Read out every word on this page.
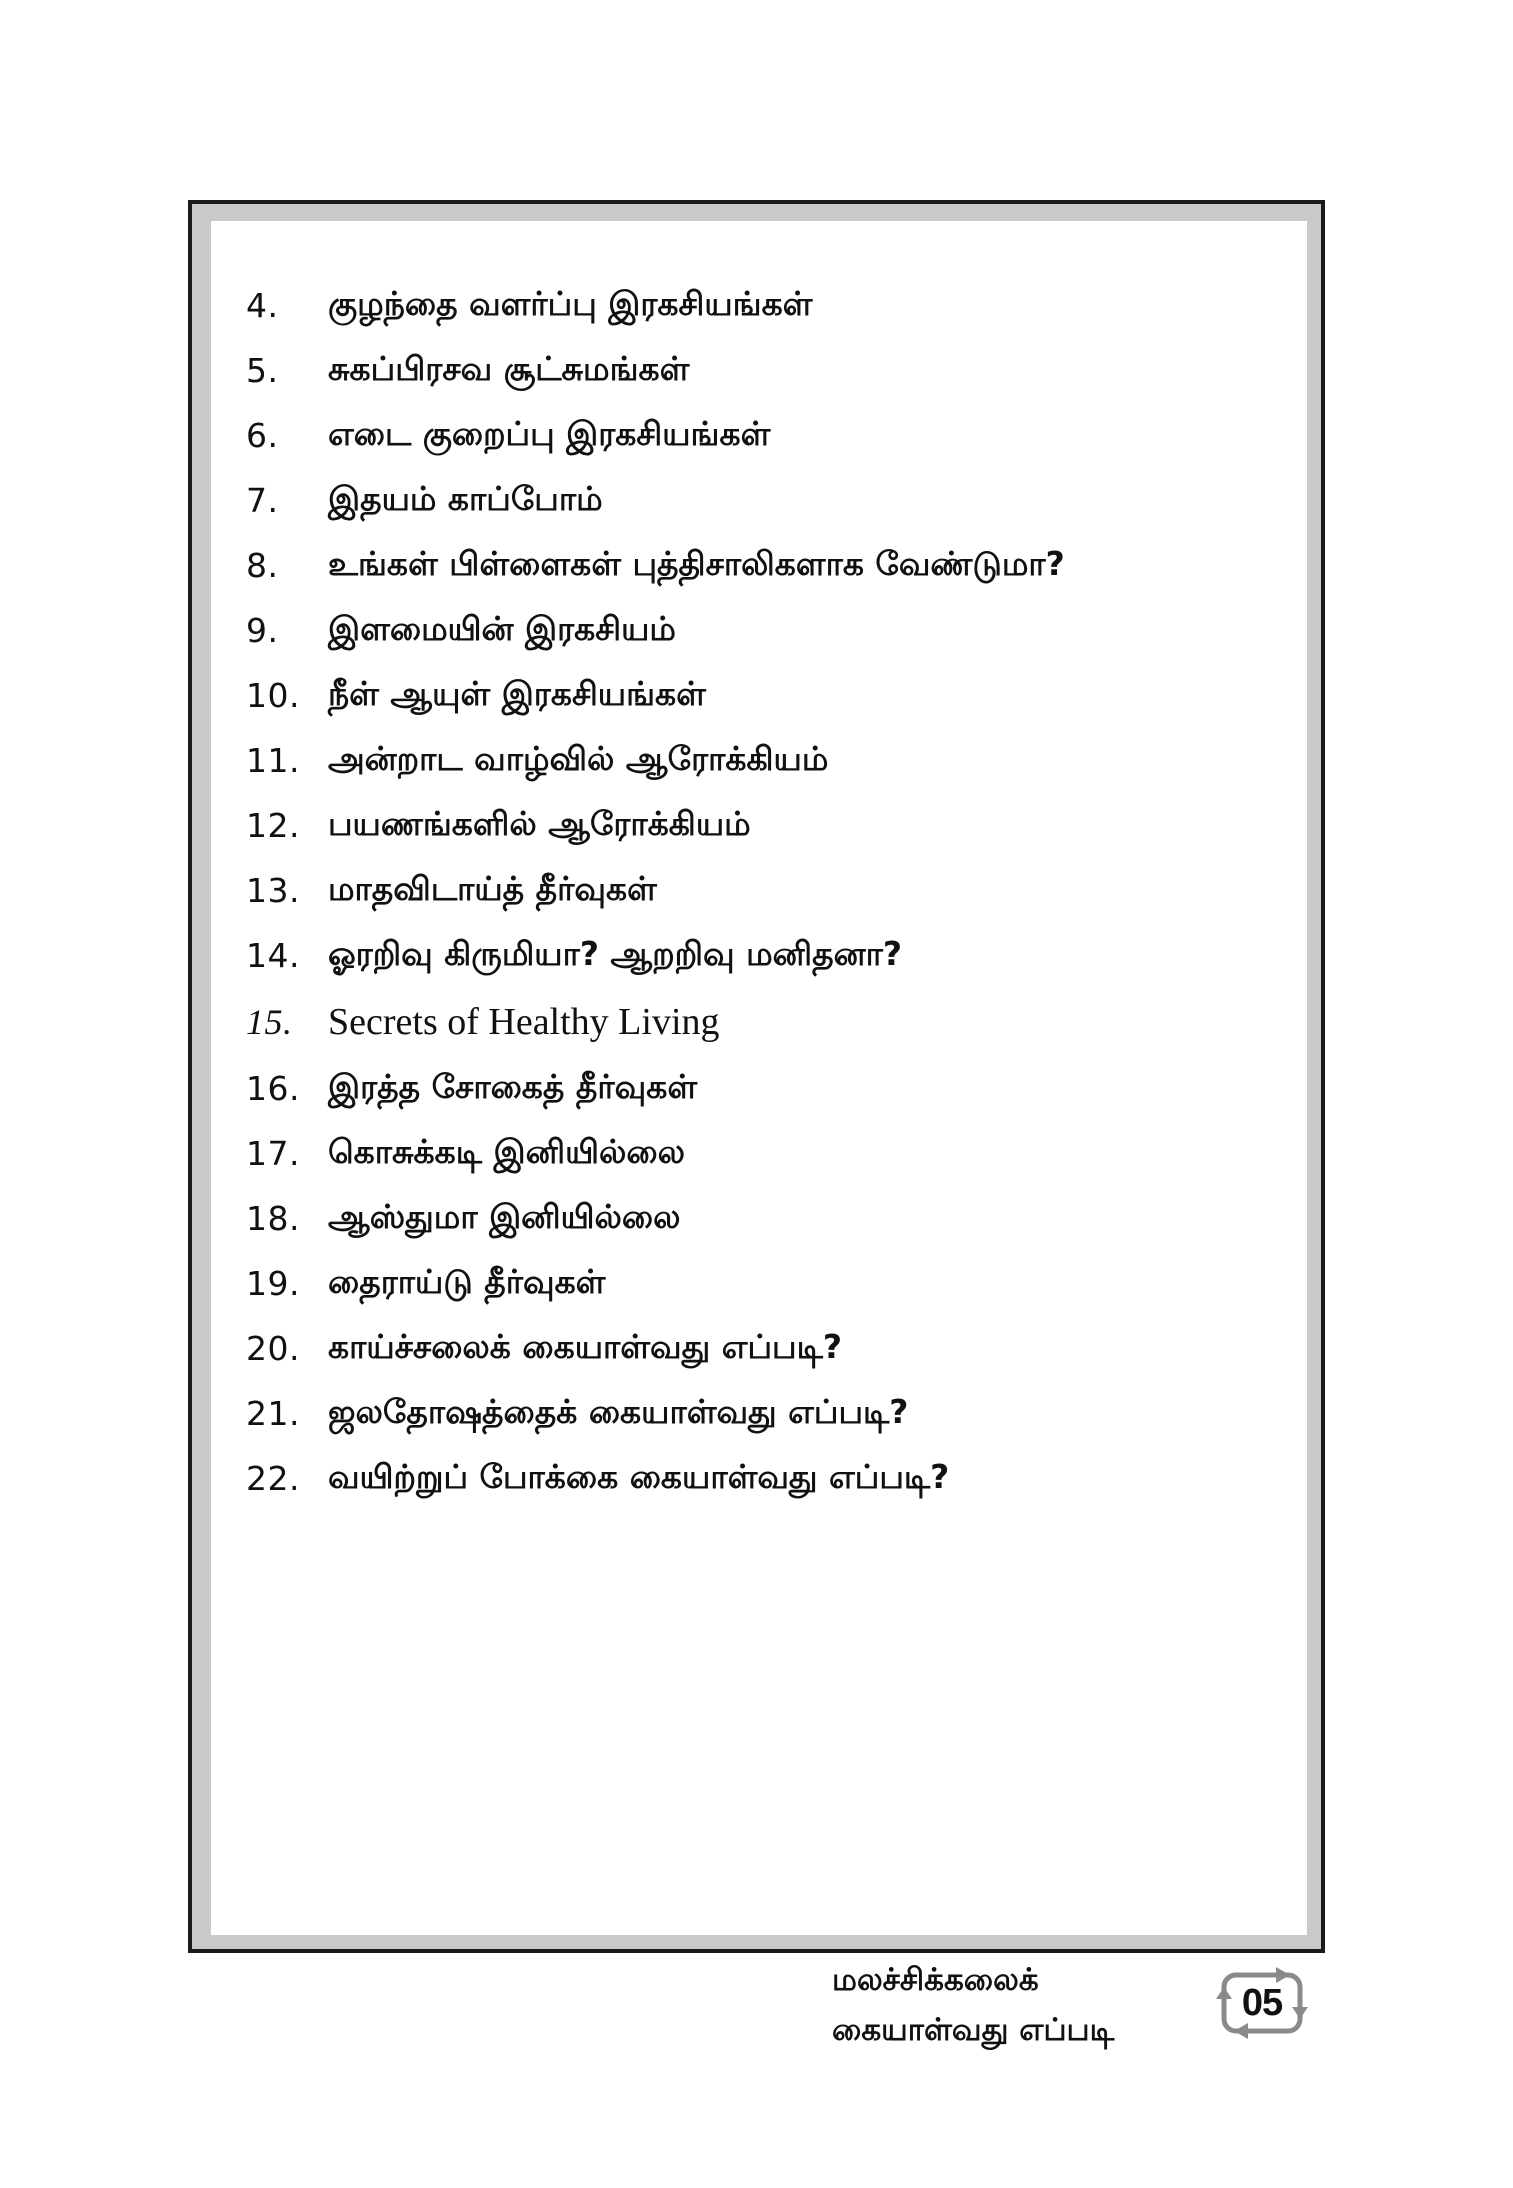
4.	குழந்தை வளர்ப்பு இரகசியங்கள்
5.	சுகப்பிரசவ சூட்சுமங்கள்
6.	எடை குறைப்பு இரகசியங்கள்
7.	இதயம் காப்போம்
8.	உங்கள் பிள்ளைகள் புத்திசாலிகளாக வேண்டுமா?
9.	இளமையின் இரகசியம்
10. நீள் ஆயுள் இரகசியங்கள்
11. அன்றாட வாழ்வில் ஆரோக்கியம்
12. பயணங்களில் ஆரோக்கியம்
13. மாதவிடாய்த் தீர்வுகள்
14. ஓரறிவு கிருமியா? ஆறறிவு மனிதனா?
15. Secrets of Healthy Living
16. இரத்த சோகைத் தீர்வுகள்
17. கொசுக்கடி இனியில்லை
18. ஆஸ்துமா இனியில்லை
19. தைராய்டு தீர்வுகள்
20. காய்ச்சலைக் கையாள்வது எப்படி?
21. ஜலதோஷத்தைக் கையாள்வது எப்படி?
22. வயிற்றுப் போக்கை கையாள்வது எப்படி?
மலச்சிக்கலைக்
கையாள்வது எப்படி
05
